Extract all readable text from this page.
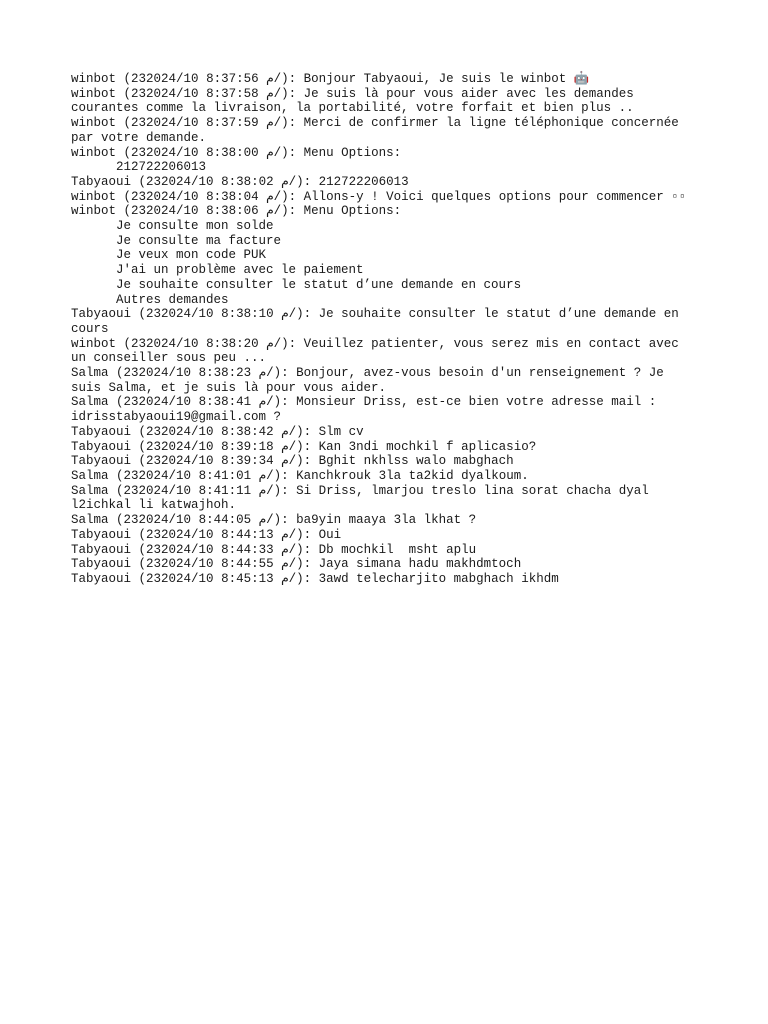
winbot (23م 8:37:56 2024/10/): Bonjour Tabyaoui, Je suis le winbot 🤖
winbot (23م 8:37:58 2024/10/): Je suis là pour vous aider avec les demandes courantes comme la livraison, la portabilité, votre forfait et bien plus ..
winbot (23م 8:37:59 2024/10/): Merci de confirmer la ligne téléphonique concernée par votre demande.
winbot (23م 8:38:00 2024/10/): Menu Options:
212722206013
Tabyaoui (23م 8:38:02 2024/10/): 212722206013
winbot (23م 8:38:04 2024/10/): Allons-y ! Voici quelques options pour commencer ▫▫
winbot (23م 8:38:06 2024/10/): Menu Options:
Je consulte mon solde
Je consulte ma facture
Je veux mon code PUK
J'ai un problème avec le paiement
Je souhaite consulter le statut d’une demande en cours
Autres demandes
Tabyaoui (23م 8:38:10 2024/10/): Je souhaite consulter le statut d’une demande en cours
winbot (23م 8:38:20 2024/10/): Veuillez patienter, vous serez mis en contact avec un conseiller sous peu ...
Salma (23م 8:38:23 2024/10/): Bonjour, avez-vous besoin d'un renseignement ? Je suis Salma, et je suis là pour vous aider.
Salma (23م 8:38:41 2024/10/): Monsieur Driss, est-ce bien votre adresse mail : idrisstabyaoui19@gmail.com ?
Tabyaoui (23م 8:38:42 2024/10/): Slm cv
Tabyaoui (23م 8:39:18 2024/10/): Kan 3ndi mochkil f aplicasio?
Tabyaoui (23م 8:39:34 2024/10/): Bghit nkhlss walo mabghach
Salma (23م 8:41:01 2024/10/): Kanchkrouk 3la ta2kid dyalkoum.
Salma (23م 8:41:11 2024/10/): Si Driss, lmarjou treslo lina sorat chacha dyal l2ichkal li katwajhoh.
Salma (23م 8:44:05 2024/10/): ba9yin maaya 3la lkhat ?
Tabyaoui (23م 8:44:13 2024/10/): Oui
Tabyaoui (23م 8:44:33 2024/10/): Db mochkil  msht aplu
Tabyaoui (23م 8:44:55 2024/10/): Jaya simana hadu makhdmtoch
Tabyaoui (23م 8:45:13 2024/10/): 3awd telecharjito mabghach ikhdm
